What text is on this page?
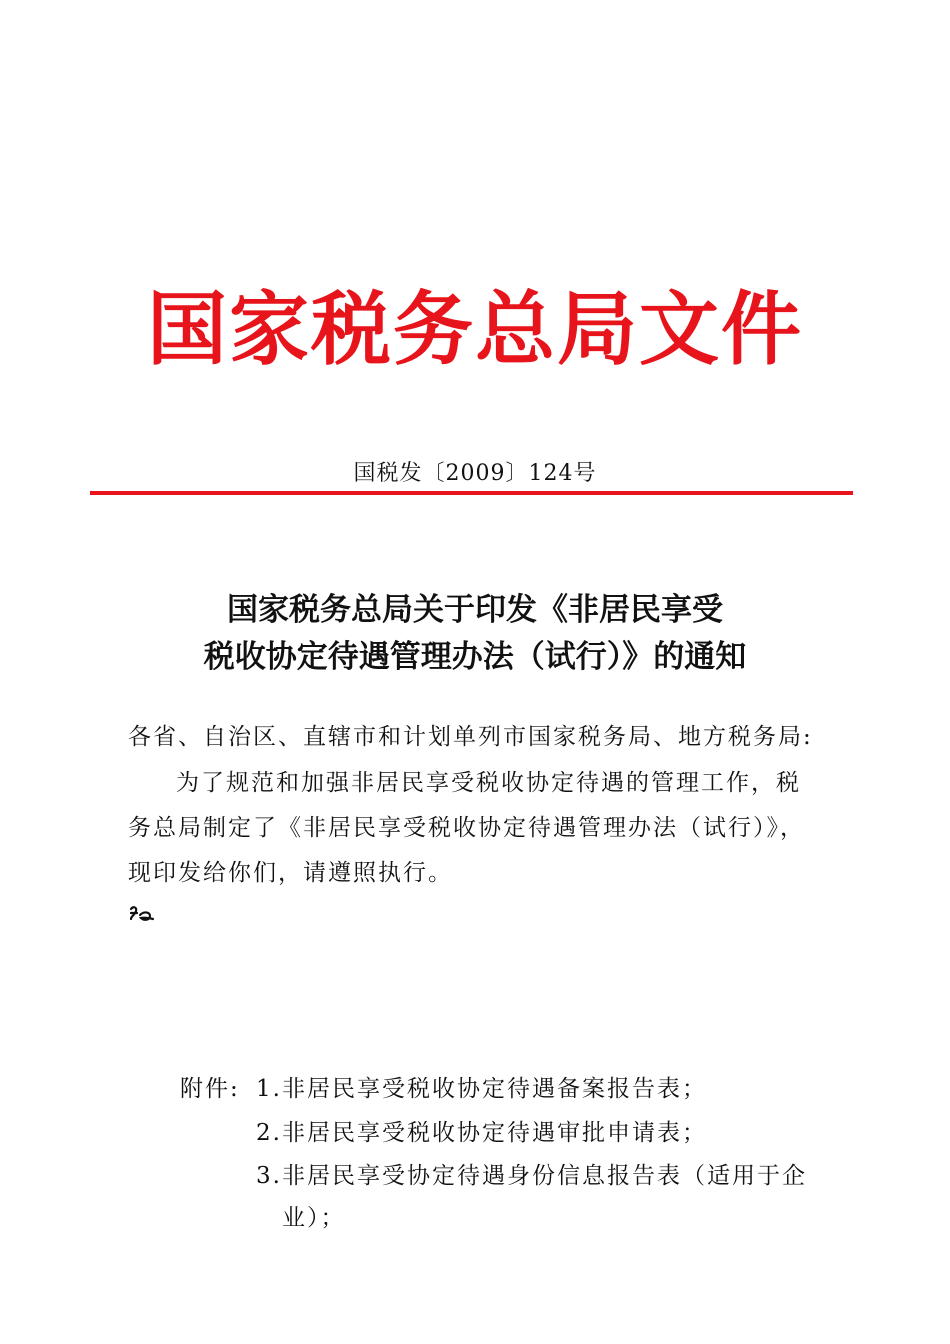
国家税务总局文件
国税发〔2009〕124号
国家税务总局关于印发《非居民享受
税收协定待遇管理办法（试行）》的通知
各省、自治区、直辖市和计划单列市国家税务局、地方税务局:
为了规范和加强非居民享受税收协定待遇的管理工作，税
务总局制定了《非居民享受税收协定待遇管理办法（试行）》，
现印发给你们，请遵照执行。
附件: 1.非居民享受税收协定待遇备案报告表；
2.非居民享受税收协定待遇审批申请表；
3.非居民享受协定待遇身份信息报告表（适用于企
业）；
